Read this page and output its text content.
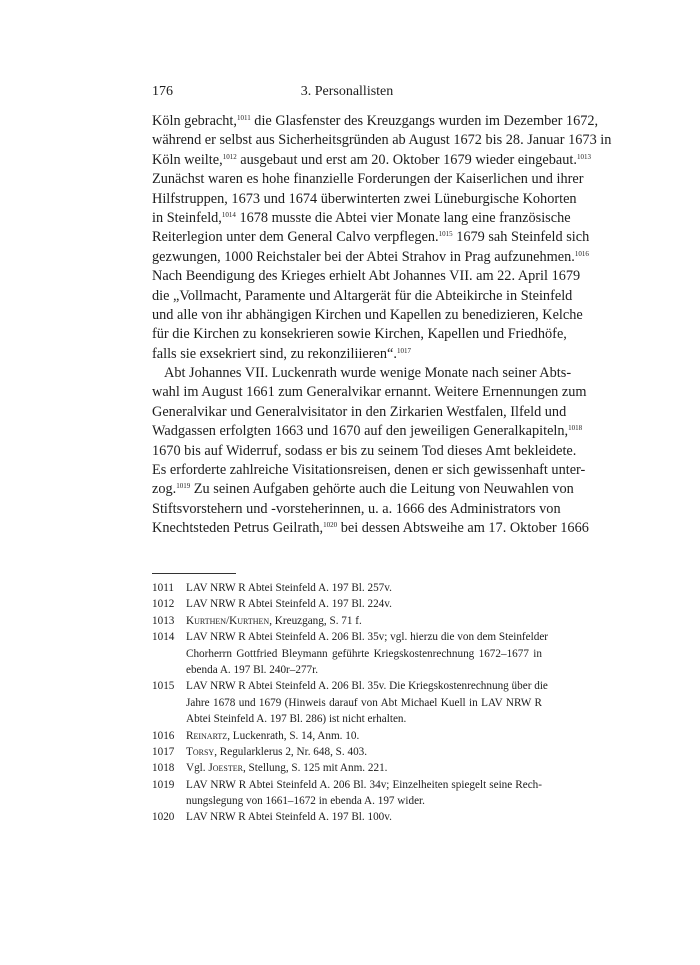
176	3. Personallisten
Köln gebracht,$^{1011}$ die Glasfenster des Kreuzgangs wurden im Dezember 1672,
während er selbst aus Sicherheitsgründen ab August 1672 bis 28. Januar 1673 in
Köln weilte,$^{1012}$ ausgebaut und erst am 20. Oktober 1679 wieder eingebaut.$^{1013}$
Zunächst waren es hohe finanzielle Forderungen der Kaiserlichen und ihrer
Hilfstruppen, 1673 und 1674 überwinterten zwei Lüneburgische Kohorten
in Steinfeld,$^{1014}$ 1678 musste die Abtei vier Monate lang eine französische
Reiterlegion unter dem General Calvo verpflegen.$^{1015}$ 1679 sah Steinfeld sich
gezwungen, 1000 Reichstaler bei der Abtei Strahov in Prag aufzunehmen.$^{1016}$
Nach Beendigung des Krieges erhielt Abt Johannes VII. am 22. April 1679
die „Vollmacht, Paramente und Altargerät für die Abteikirche in Steinfeld
und alle von ihr abhängigen Kirchen und Kapellen zu benedizieren, Kelche
für die Kirchen zu konsekrieren sowie Kirchen, Kapellen und Friedhöfe,
falls sie exsekriert sind, zu rekonziliieren“.$^{1017}$
Abt Johannes VII. Luckenrath wurde wenige Monate nach seiner Abts-
wahl im August 1661 zum Generalvikar ernannt. Weitere Ernennungen zum
Generalvikar und Generalvisitator in den Zirkarien Westfalen, Ilfeld und
Wadgassen erfolgten 1663 und 1670 auf den jeweiligen Generalkapiteln,$^{1018}$
1670 bis auf Widerruf, sodass er bis zu seinem Tod dieses Amt bekleidete.
Es erforderte zahlreiche Visitationsreisen, denen er sich gewissenhaft unter-
zog.$^{1019}$ Zu seinen Aufgaben gehörte auch die Leitung von Neuwahlen von
Stiftsvorstehern und -vorsteherinnen, u. a. 1666 des Administrators von
Knechtsteden Petrus Geilrath,$^{1020}$ bei dessen Abtsweihe am 17. Oktober 1666
1011	LAV NRW R Abtei Steinfeld A. 197 Bl. 257v.
1012	LAV NRW R Abtei Steinfeld A. 197 Bl. 224v.
1013	Kurthen/Kurthen, Kreuzgang, S. 71 f.
1014	LAV NRW R Abtei Steinfeld A. 206 Bl. 35v; vgl. hierzu die von dem Steinfelder
Chorherrn Gottfried Bleymann geführte Kriegskostenrechnung 1672–1677 in
ebenda A. 197 Bl. 240r–277r.
1015	LAV NRW R Abtei Steinfeld A. 206 Bl. 35v. Die Kriegskostenrechnung über die
Jahre 1678 und 1679 (Hinweis darauf von Abt Michael Kuell in LAV NRW R
Abtei Steinfeld A. 197 Bl. 286) ist nicht erhalten.
1016	Reinartz, Luckenrath, S. 14, Anm. 10.
1017	Torsy, Regularklerus 2, Nr. 648, S. 403.
1018	Vgl. Joester, Stellung, S. 125 mit Anm. 221.
1019	LAV NRW R Abtei Steinfeld A. 206 Bl. 34v; Einzelheiten spiegelt seine Rech-
nungslegung von 1661–1672 in ebenda A. 197 wider.
1020	LAV NRW R Abtei Steinfeld A. 197 Bl. 100v.
